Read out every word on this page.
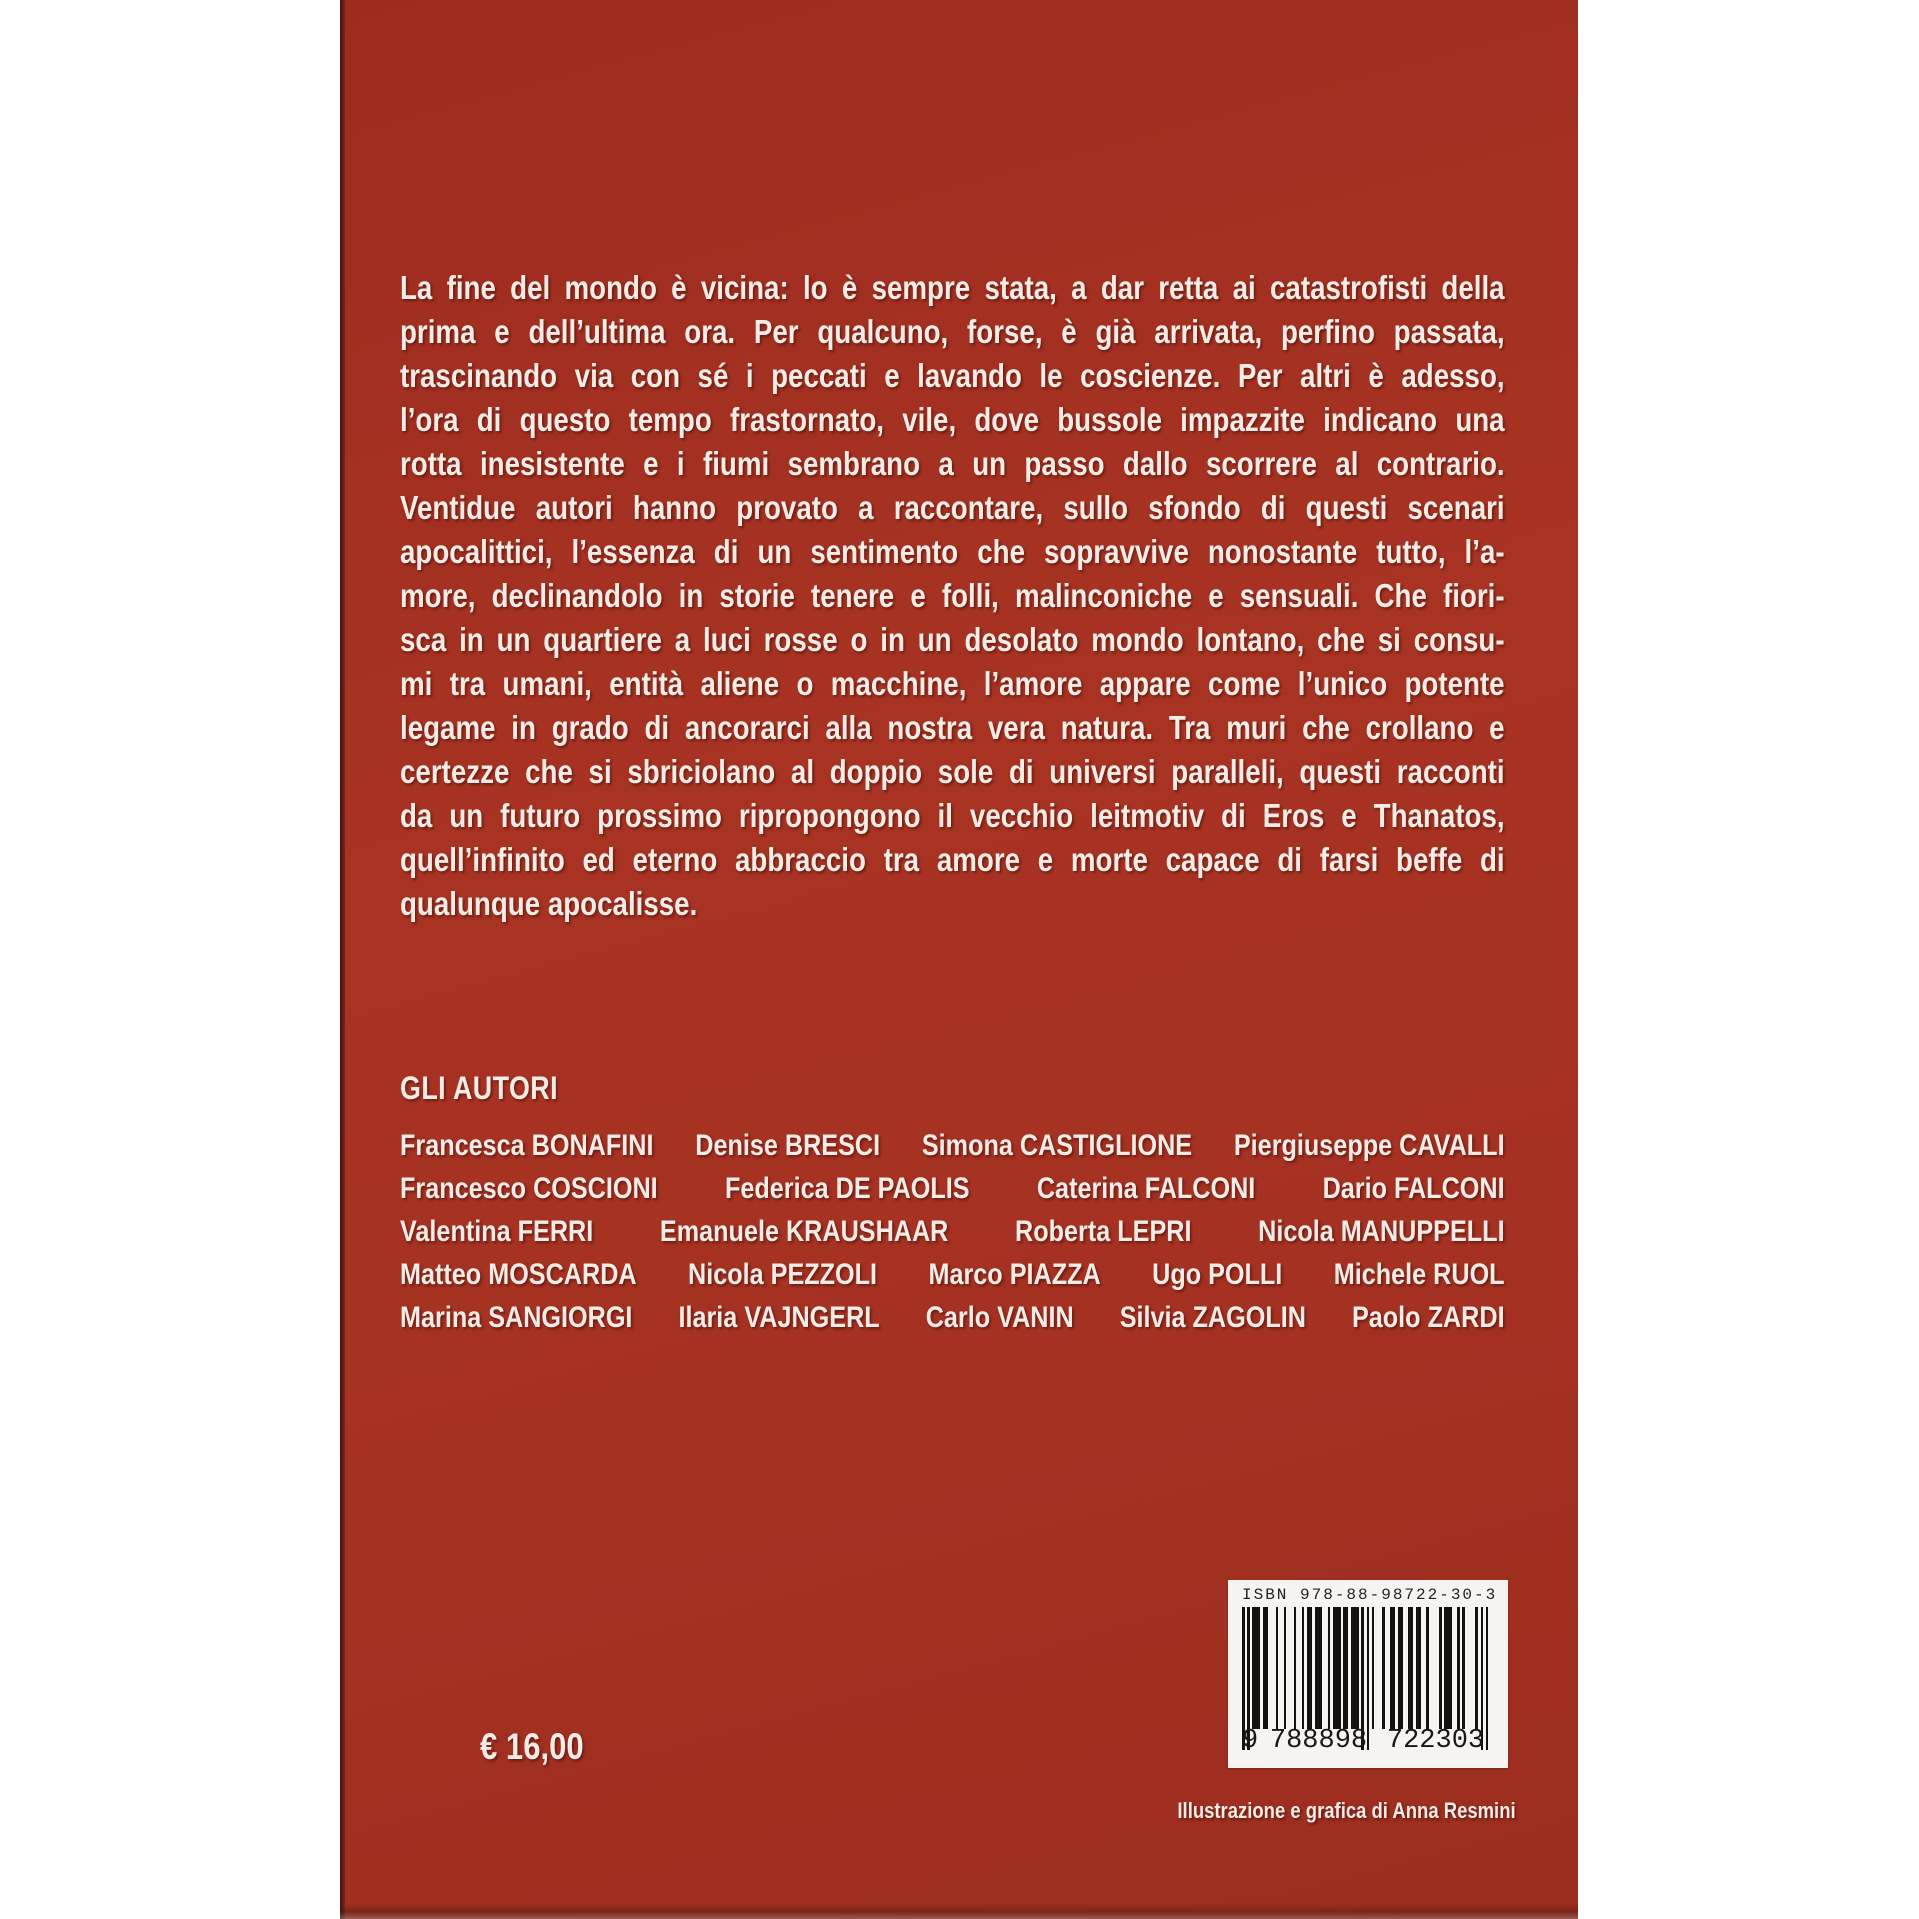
La fine del mondo è vicina: lo è sempre stata, a dar retta ai catastrofisti della
prima e dell’ultima ora. Per qualcuno, forse, è già arrivata, perfino passata,
trascinando via con sé i peccati e lavando le coscienze. Per altri è adesso,
l’ora di questo tempo frastornato, vile, dove bussole impazzite indicano una
rotta inesistente e i fiumi sembrano a un passo dallo scorrere al contrario.
Ventidue autori hanno provato a raccontare, sullo sfondo di questi scenari
apocalittici, l’essenza di un sentimento che sopravvive nonostante tutto, l’a-
more, declinandolo in storie tenere e folli, malinconiche e sensuali. Che fiori-
sca in un quartiere a luci rosse o in un desolato mondo lontano, che si consu-
mi tra umani, entità aliene o macchine, l’amore appare come l’unico potente
legame in grado di ancorarci alla nostra vera natura. Tra muri che crollano e
certezze che si sbriciolano al doppio sole di universi paralleli, questi racconti
da un futuro prossimo ripropongono il vecchio leitmotiv di Eros e Thanatos,
quell’infinito ed eterno abbraccio tra amore e morte capace di farsi beffe di
qualunque apocalisse.
GLI AUTORI
Francesca BONAFINI Denise BRESCI Simona CASTIGLIONE Piergiuseppe CAVALLI
Francesco COSCIONI Federica DE PAOLIS Caterina FALCONI Dario FALCONI
Valentina FERRI Emanuele KRAUSHAAR Roberta LEPRI Nicola MANUPPELLI
Matteo MOSCARDA Nicola PEZZOLI Marco PIAZZA Ugo POLLI Michele RUOL
Marina SANGIORGI Ilaria VAJNGERL Carlo VANIN Silvia ZAGOLIN Paolo ZARDI
€ 16,00
ISBN 978-88-98722-30-3
9 788898 722303
Illustrazione e grafica di Anna Resmini
